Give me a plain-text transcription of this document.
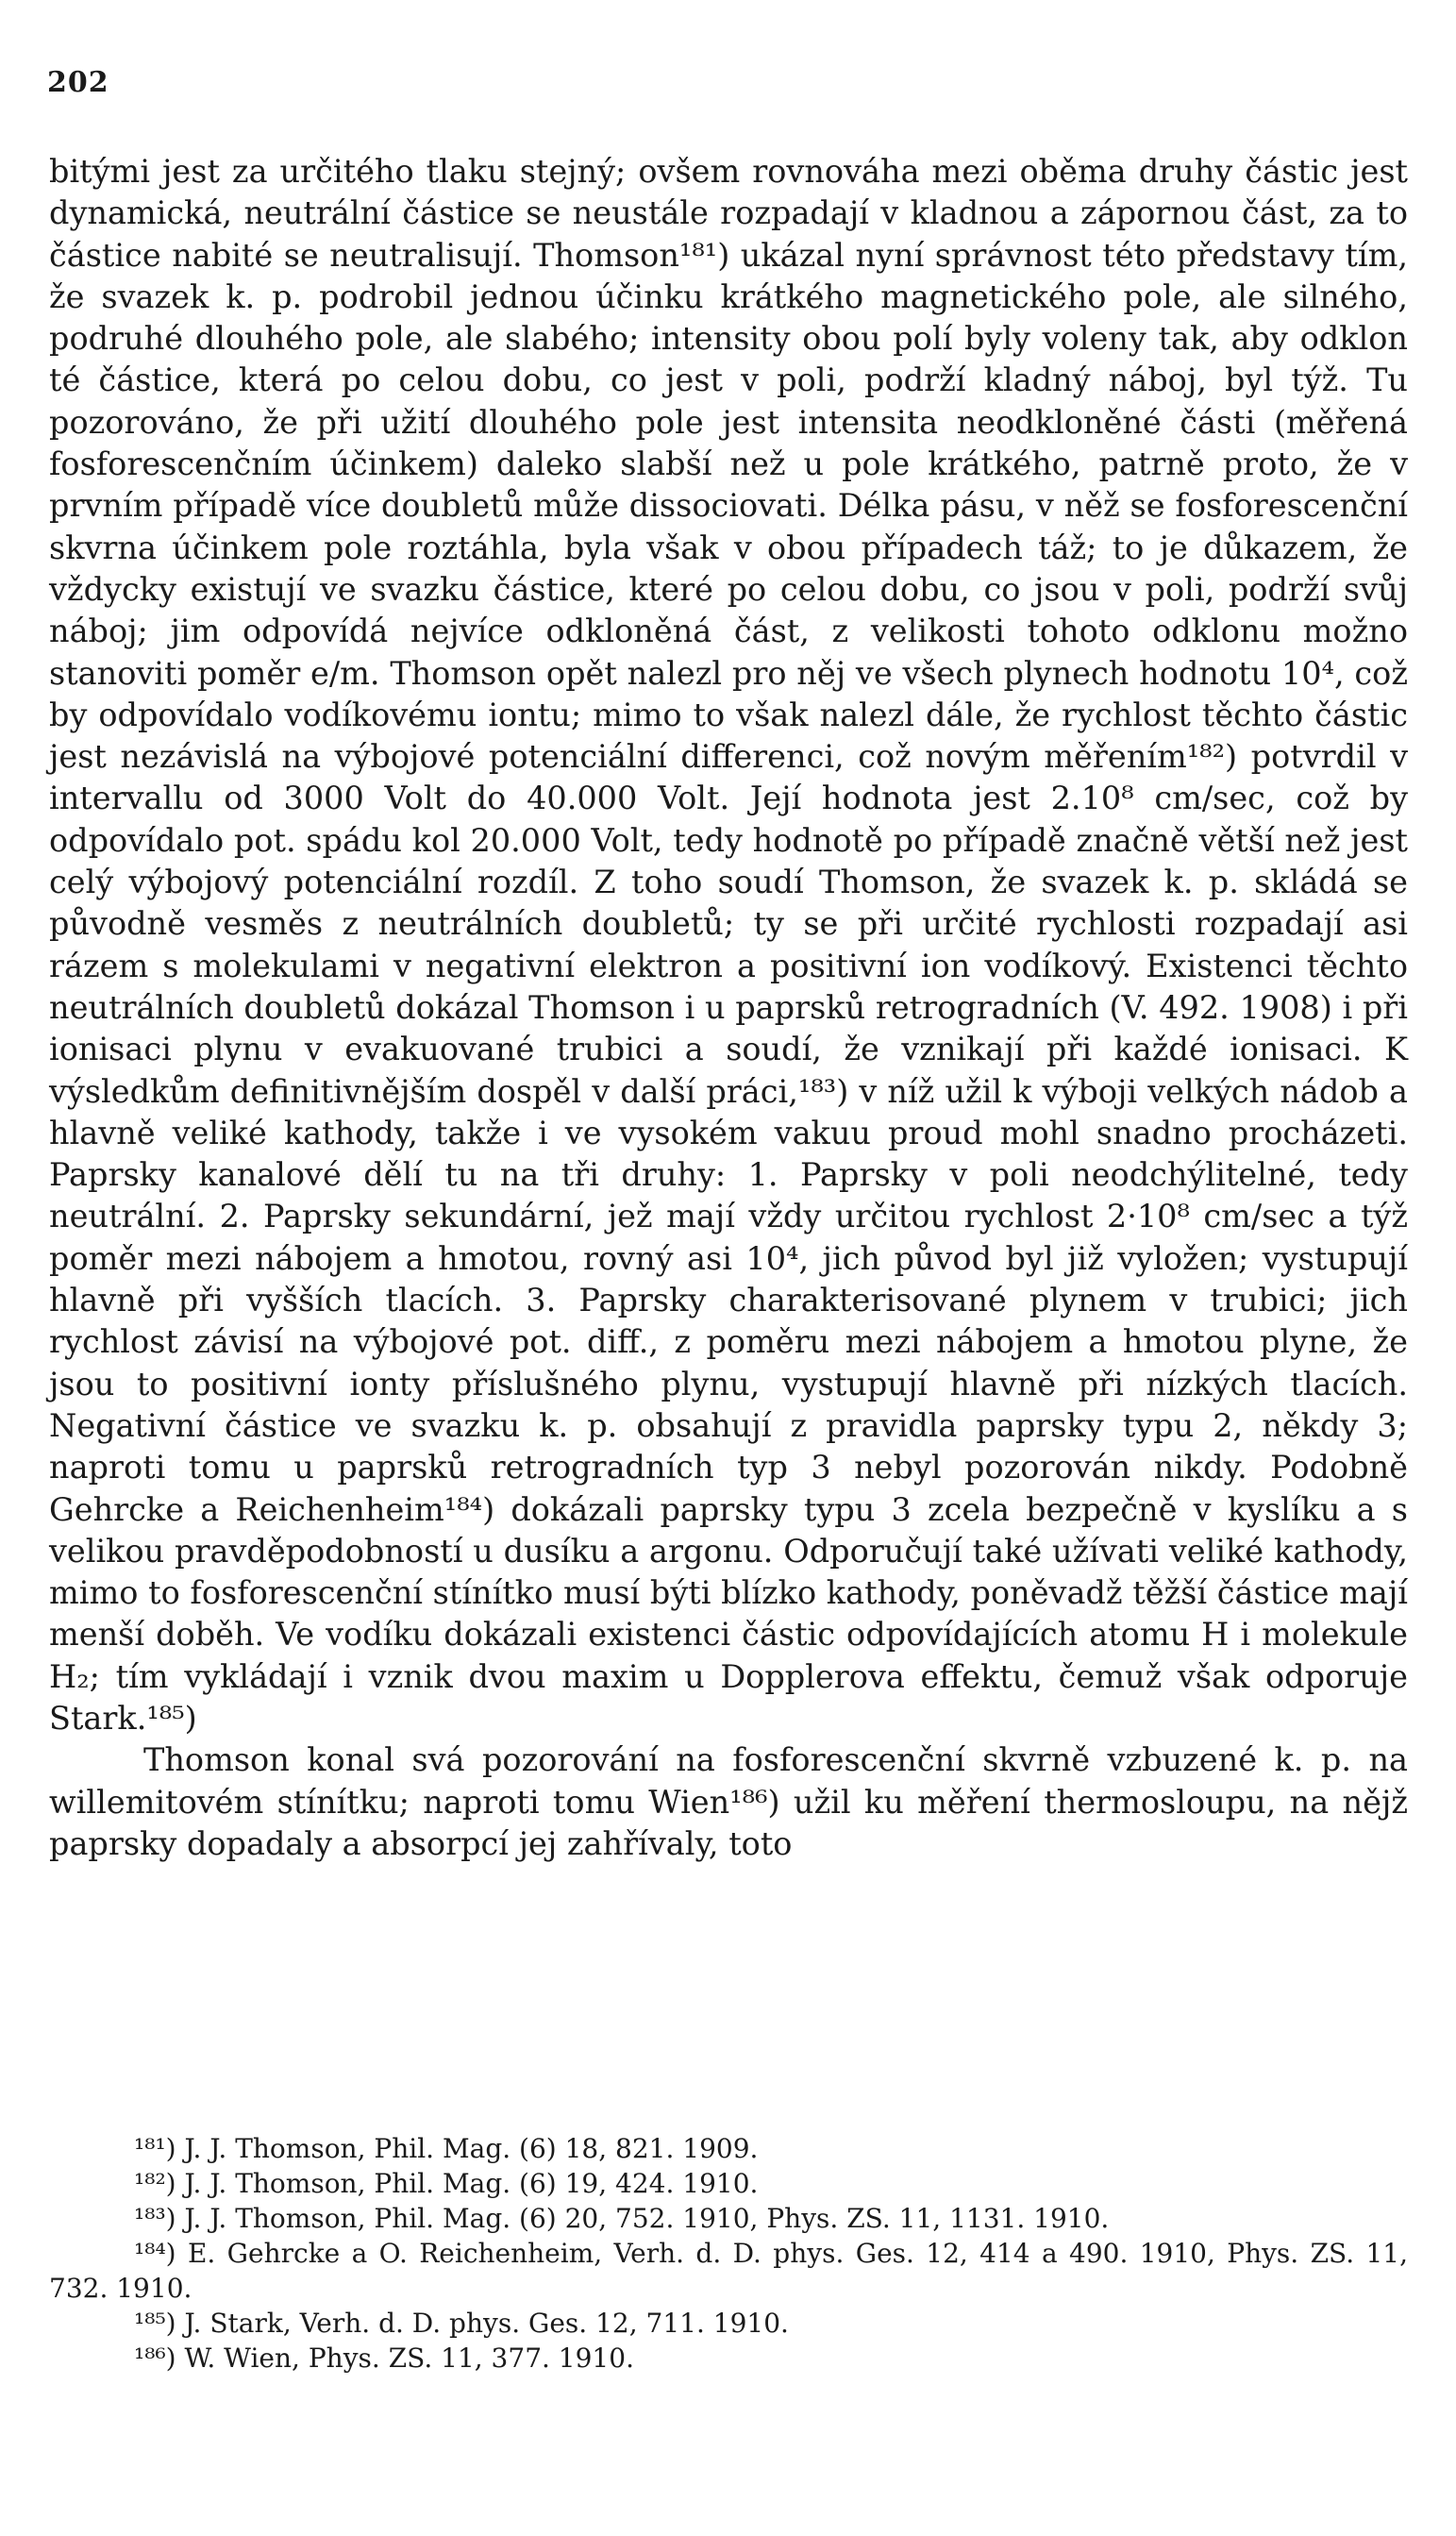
202

bitými jest za určitého tlaku stejný; ovšem rovnováha mezi oběma druhy částic jest dynamická, neutrální částice se neustále rozpadají v kladnou a zápornou část, za to částice nabité se neutralisují. Thomson¹⁸¹) ukázal nyní správnost této představy tím, že svazek k. p. podrobil jednou účinku krátkého magnetického pole, ale silného, podruhé dlouhého pole, ale slabého; intensity obou polí byly voleny tak, aby odklon té částice, která po celou dobu, co jest v poli, podrží kladný náboj, byl týž. Tu pozorováno, že při užití dlouhého pole jest intensita neodkloněné části (měřená fosforescenčním účinkem) daleko slabší než u pole krátkého, patrně proto, že v prvním případě více doubletů může dissociovati. Délka pásu, v něž se fosforescenční skvrna účinkem pole roztáhla, byla však v obou případech táž; to je důkazem, že vždycky existují ve svazku částice, které po celou dobu, co jsou v poli, podrží svůj náboj; jim odpovídá nejvíce odkloněná část, z velikosti tohoto odklonu možno stanoviti poměr e/m. Thomson opět nalezl pro něj ve všech plynech hodnotu 10⁴, což by odpovídalo vodíkovému iontu; mimo to však nalezl dále, že rychlost těchto částic jest nezávislá na výbojové potenciální differenci, což novým měřením¹⁸²) potvrdil v intervallu od 3000 Volt do 40.000 Volt. Její hodnota jest 2.10⁸ cm/sec, což by odpovídalo pot. spádu kol 20.000 Volt, tedy hodnotě po případě značně větší než jest celý výbojový potenciální rozdíl. Z toho soudí Thomson, že svazek k. p. skládá se původně vesměs z neutrálních doubletů; ty se při určité rychlosti rozpadají asi rázem s molekulami v negativní elektron a positivní ion vodíkový. Existenci těchto neutrálních doubletů dokázal Thomson i u paprsků retrogradních (V. 492. 1908) i při ionisaci plynu v evakuované trubici a soudí, že vznikají při každé ionisaci. K výsledkům definitivnějším dospěl v další práci,¹⁸³) v níž užil k výboji velkých nádob a hlavně veliké kathody, takže i ve vysokém vakuu proud mohl snadno procházeti. Paprsky kanalové dělí tu na tři druhy: 1. Paprsky v poli neodchýlitelné, tedy neutrální. 2. Paprsky sekundární, jež mají vždy určitou rychlost 2·10⁸ cm/sec a týž poměr mezi nábojem a hmotou, rovný asi 10⁴, jich původ byl již vyložen; vystupují hlavně při vyšších tlacích. 3. Paprsky charakterisované plynem v trubici; jich rychlost závisí na výbojové pot. diff., z poměru mezi nábojem a hmotou plyne, že jsou to positivní ionty příslušného plynu, vystupují hlavně při nízkých tlacích. Negativní částice ve svazku k. p. obsahují z pravidla paprsky typu 2, někdy 3; naproti tomu u paprsků retrogradních typ 3 nebyl pozorován nikdy. Podobně Gehrcke a Reichenheim¹⁸⁴) dokázali paprsky typu 3 zcela bezpečně v kyslíku a s velikou pravděpodobností u dusíku a argonu. Odporučují také užívati veliké kathody, mimo to fosforescenční stínítko musí býti blízko kathody, poněvadž těžší částice mají menší doběh. Ve vodíku dokázali existenci částic odpovídajících atomu H i molekule H₂; tím vykládají i vznik dvou maxim u Dopplerova effektu, čemuž však odporuje Stark.¹⁸⁵)

Thomson konal svá pozorování na fosforescenční skvrně vzbuzené k. p. na willemitovém stínítku; naproti tomu Wien¹⁸⁶) užil ku měření thermosloupu, na nějž paprsky dopadaly a absorpcí jej zahřívaly, toto

¹⁸¹) J. J. Thomson, Phil. Mag. (6) 18, 821. 1909.

¹⁸²) J. J. Thomson, Phil. Mag. (6) 19, 424. 1910.

¹⁸³) J. J. Thomson, Phil. Mag. (6) 20, 752. 1910, Phys. ZS. 11, 1131. 1910.

¹⁸⁴) E. Gehrcke a O. Reichenheim, Verh. d. D. phys. Ges. 12, 414 a 490. 1910, Phys. ZS. 11, 732. 1910.

¹⁸⁵) J. Stark, Verh. d. D. phys. Ges. 12, 711. 1910.

¹⁸⁶) W. Wien, Phys. ZS. 11, 377. 1910.
